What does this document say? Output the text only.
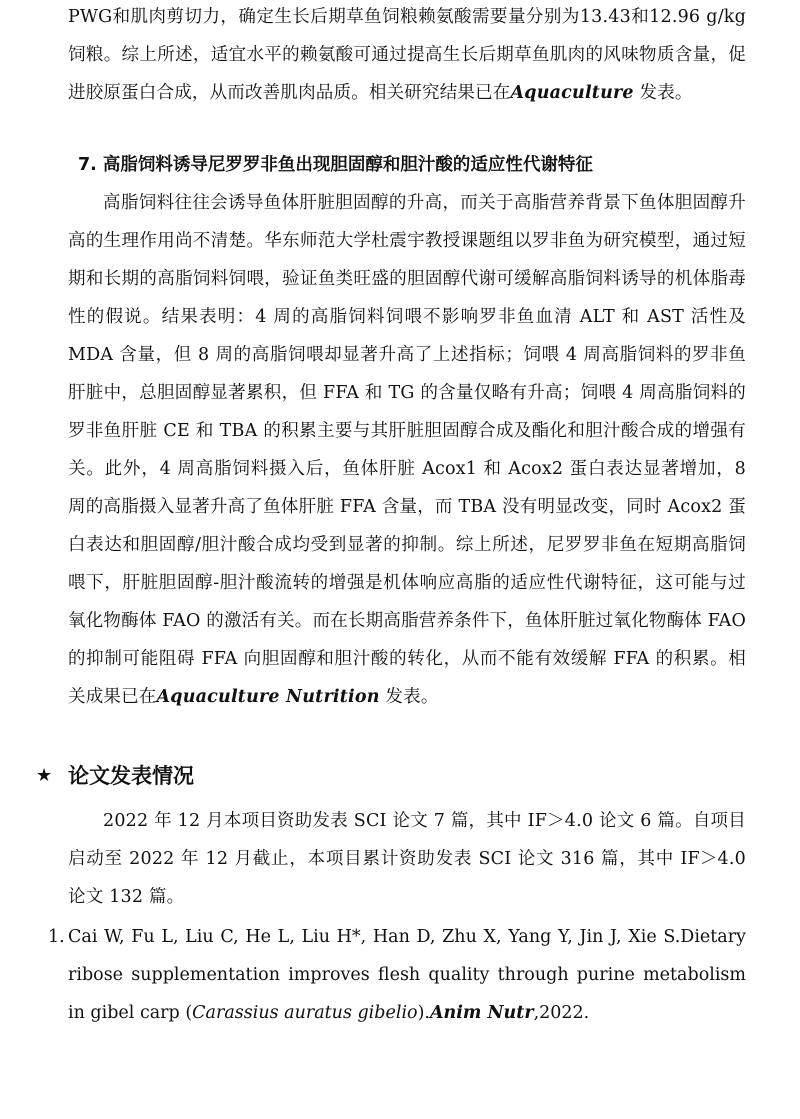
PWG和肌肉剪切力，确定生长后期草鱼饲粮赖氨酸需要量分别为13.43和12.96 g/kg 饲粮。综上所述，适宜水平的赖氨酸可通过提高生长后期草鱼肌肉的风味物质含量，促进胶原蛋白合成，从而改善肌肉品质。相关研究结果已在Aquaculture 发表。

7. 高脂饲料诱导尼罗罗非鱼出现胆固醇和胆汁酸的适应性代谢特征

高脂饲料往往会诱导鱼体肝脏胆固醇的升高，而关于高脂营养背景下鱼体胆固醇升高的生理作用尚不清楚。华东师范大学杜震宇教授课题组以罗非鱼为研究模型，通过短期和长期的高脂饲料饲喂，验证鱼类旺盛的胆固醇代谢可缓解高脂饲料诱导的机体脂毒性的假说。结果表明：4 周的高脂饲料饲喂不影响罗非鱼血清 ALT 和 AST 活性及 MDA 含量，但 8 周的高脂饲喂却显著升高了上述指标；饲喂 4 周高脂饲料的罗非鱼肝脏中，总胆固醇显著累积，但 FFA 和 TG 的含量仅略有升高；饲喂 4 周高脂饲料的罗非鱼肝脏 CE 和 TBA 的积累主要与其肝脏胆固醇合成及酯化和胆汁酸合成的增强有关。此外，4 周高脂饲料摄入后，鱼体肝脏 Acox1 和 Acox2 蛋白表达显著增加，8 周的高脂摄入显著升高了鱼体肝脏 FFA 含量，而 TBA 没有明显改变，同时 Acox2 蛋白表达和胆固醇/胆汁酸合成均受到显著的抑制。综上所述，尼罗罗非鱼在短期高脂饲喂下，肝脏胆固醇-胆汁酸流转的增强是机体响应高脂的适应性代谢特征，这可能与过氧化物酶体 FAO 的激活有关。而在长期高脂营养条件下，鱼体肝脏过氧化物酶体 FAO 的抑制可能阻碍 FFA 向胆固醇和胆汁酸的转化，从而不能有效缓解 FFA 的积累。相关成果已在Aquaculture Nutrition 发表。

★ 论文发表情况

2022 年 12 月本项目资助发表 SCI 论文 7 篇，其中 IF＞4.0 论文 6 篇。自项目启动至 2022 年 12 月截止，本项目累计资助发表 SCI 论文 316 篇，其中 IF＞4.0 论文 132 篇。

1. Cai W, Fu L, Liu C, He L, Liu H*, Han D, Zhu X, Yang Y, Jin J, Xie S.Dietary ribose supplementation improves flesh quality through purine metabolism in gibel carp (Carassius auratus gibelio).Anim Nutr,2022.
